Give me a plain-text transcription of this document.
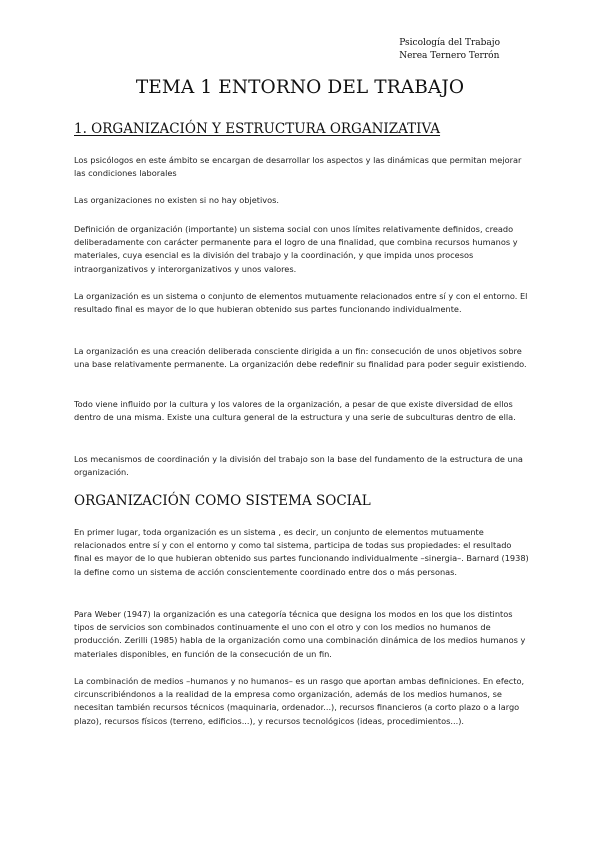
Psicología del Trabajo
Nerea Ternero Terrón
TEMA 1 ENTORNO DEL TRABAJO
1. ORGANIZACIÓN Y ESTRUCTURA ORGANIZATIVA

Los psicólogos en este ámbito se encargan de desarrollar los aspectos y las dinámicas que permitan mejorar las condiciones laborales

Las organizaciones no existen si no hay objetivos.

Definición de organización (importante) un sistema social con unos límites relativamente definidos, creado deliberadamente con carácter permanente para el logro de una finalidad, que combina recursos humanos y materiales, cuya esencial es la división del trabajo y la coordinación, y que impida unos procesos intraorganizativos y interorganizativos y unos valores.

La organización es un sistema o conjunto de elementos mutuamente relacionados entre sí y con el entorno. El resultado final es mayor de lo que hubieran obtenido sus partes funcionando individualmente.

La organización es una creación deliberada consciente dirigida a un fin: consecución de unos objetivos sobre una base relativamente permanente. La organización debe redefinir su finalidad para poder seguir existiendo.

Todo viene influido por la cultura y los valores de la organización, a pesar de que existe diversidad de ellos dentro de una misma. Existe una cultura general de la estructura y una serie de subculturas dentro de ella.

Los mecanismos de coordinación y la división del trabajo son la base del fundamento de la estructura de una organización.

ORGANIZACIÓN COMO SISTEMA SOCIAL

En primer lugar, toda organización es un sistema , es decir, un conjunto de elementos mutuamente relacionados entre sí y con el entorno y como tal sistema, participa de todas sus propiedades: el resultado final es mayor de lo que hubieran obtenido sus partes funcionando individualmente –sinergia–. Barnard (1938) la define como un sistema de acción conscientemente coordinado entre dos o más personas.

Para Weber (1947) la organización es una categoría técnica que designa los modos en los que los distintos tipos de servicios son combinados continuamente el uno con el otro y con los medios no humanos de producción. Zerilli (1985) habla de la organización como una combinación dinámica de los medios humanos y materiales disponibles, en función de la consecución de un fin.

La combinación de medios –humanos y no humanos– es un rasgo que aportan ambas definiciones. En efecto, circunscribiéndonos a la realidad de la empresa como organización, además de los medios humanos, se necesitan también recursos técnicos (maquinaria, ordenador...), recursos financieros (a corto plazo o a largo plazo), recursos físicos (terreno, edificios...), y recursos tecnológicos (ideas, procedimientos...).
